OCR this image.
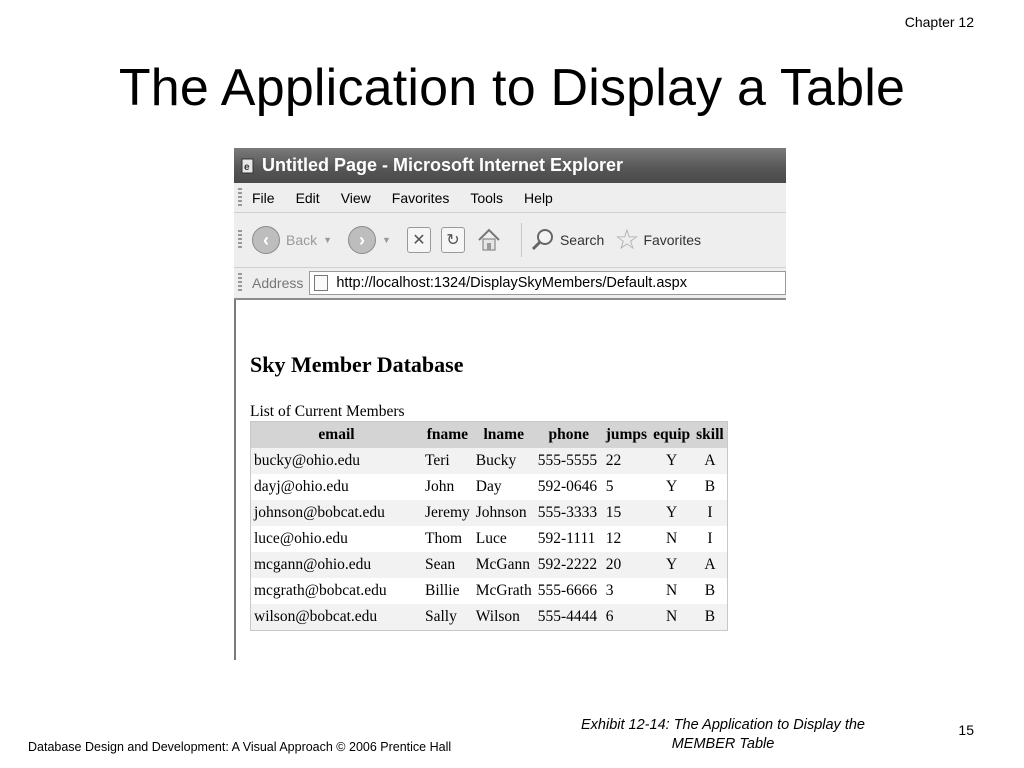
Chapter 12
The Application to Display a Table
e Untitled Page - Microsoft Internet Explorer
File Edit View Favorites Tools Help
‹	Back ▼	›	▼	✕	↻	Search ☆ Favorites
Address http://localhost:1324/DisplaySkyMembers/Default.aspx
Sky Member Database
List of Current Members
email	fname	lname	phone	jumps	equip	skill
bucky@ohio.edu	Teri	Bucky	555-5555	22	Y	A
dayj@ohio.edu	John	Day	592-0646	5	Y	B
johnson@bobcat.edu	Jeremy	Johnson	555-3333	15	Y	I
luce@ohio.edu	Thom	Luce	592-1111	12	N	I
mcgann@ohio.edu	Sean	McGann	592-2222	20	Y	A
mcgrath@bobcat.edu	Billie	McGrath	555-6666	3	N	B
wilson@bobcat.edu	Sally	Wilson	555-4444	6	N	B
Exhibit 12-14: The Application to Display the MEMBER Table
15
Database Design and Development: A Visual Approach © 2006 Prentice Hall
